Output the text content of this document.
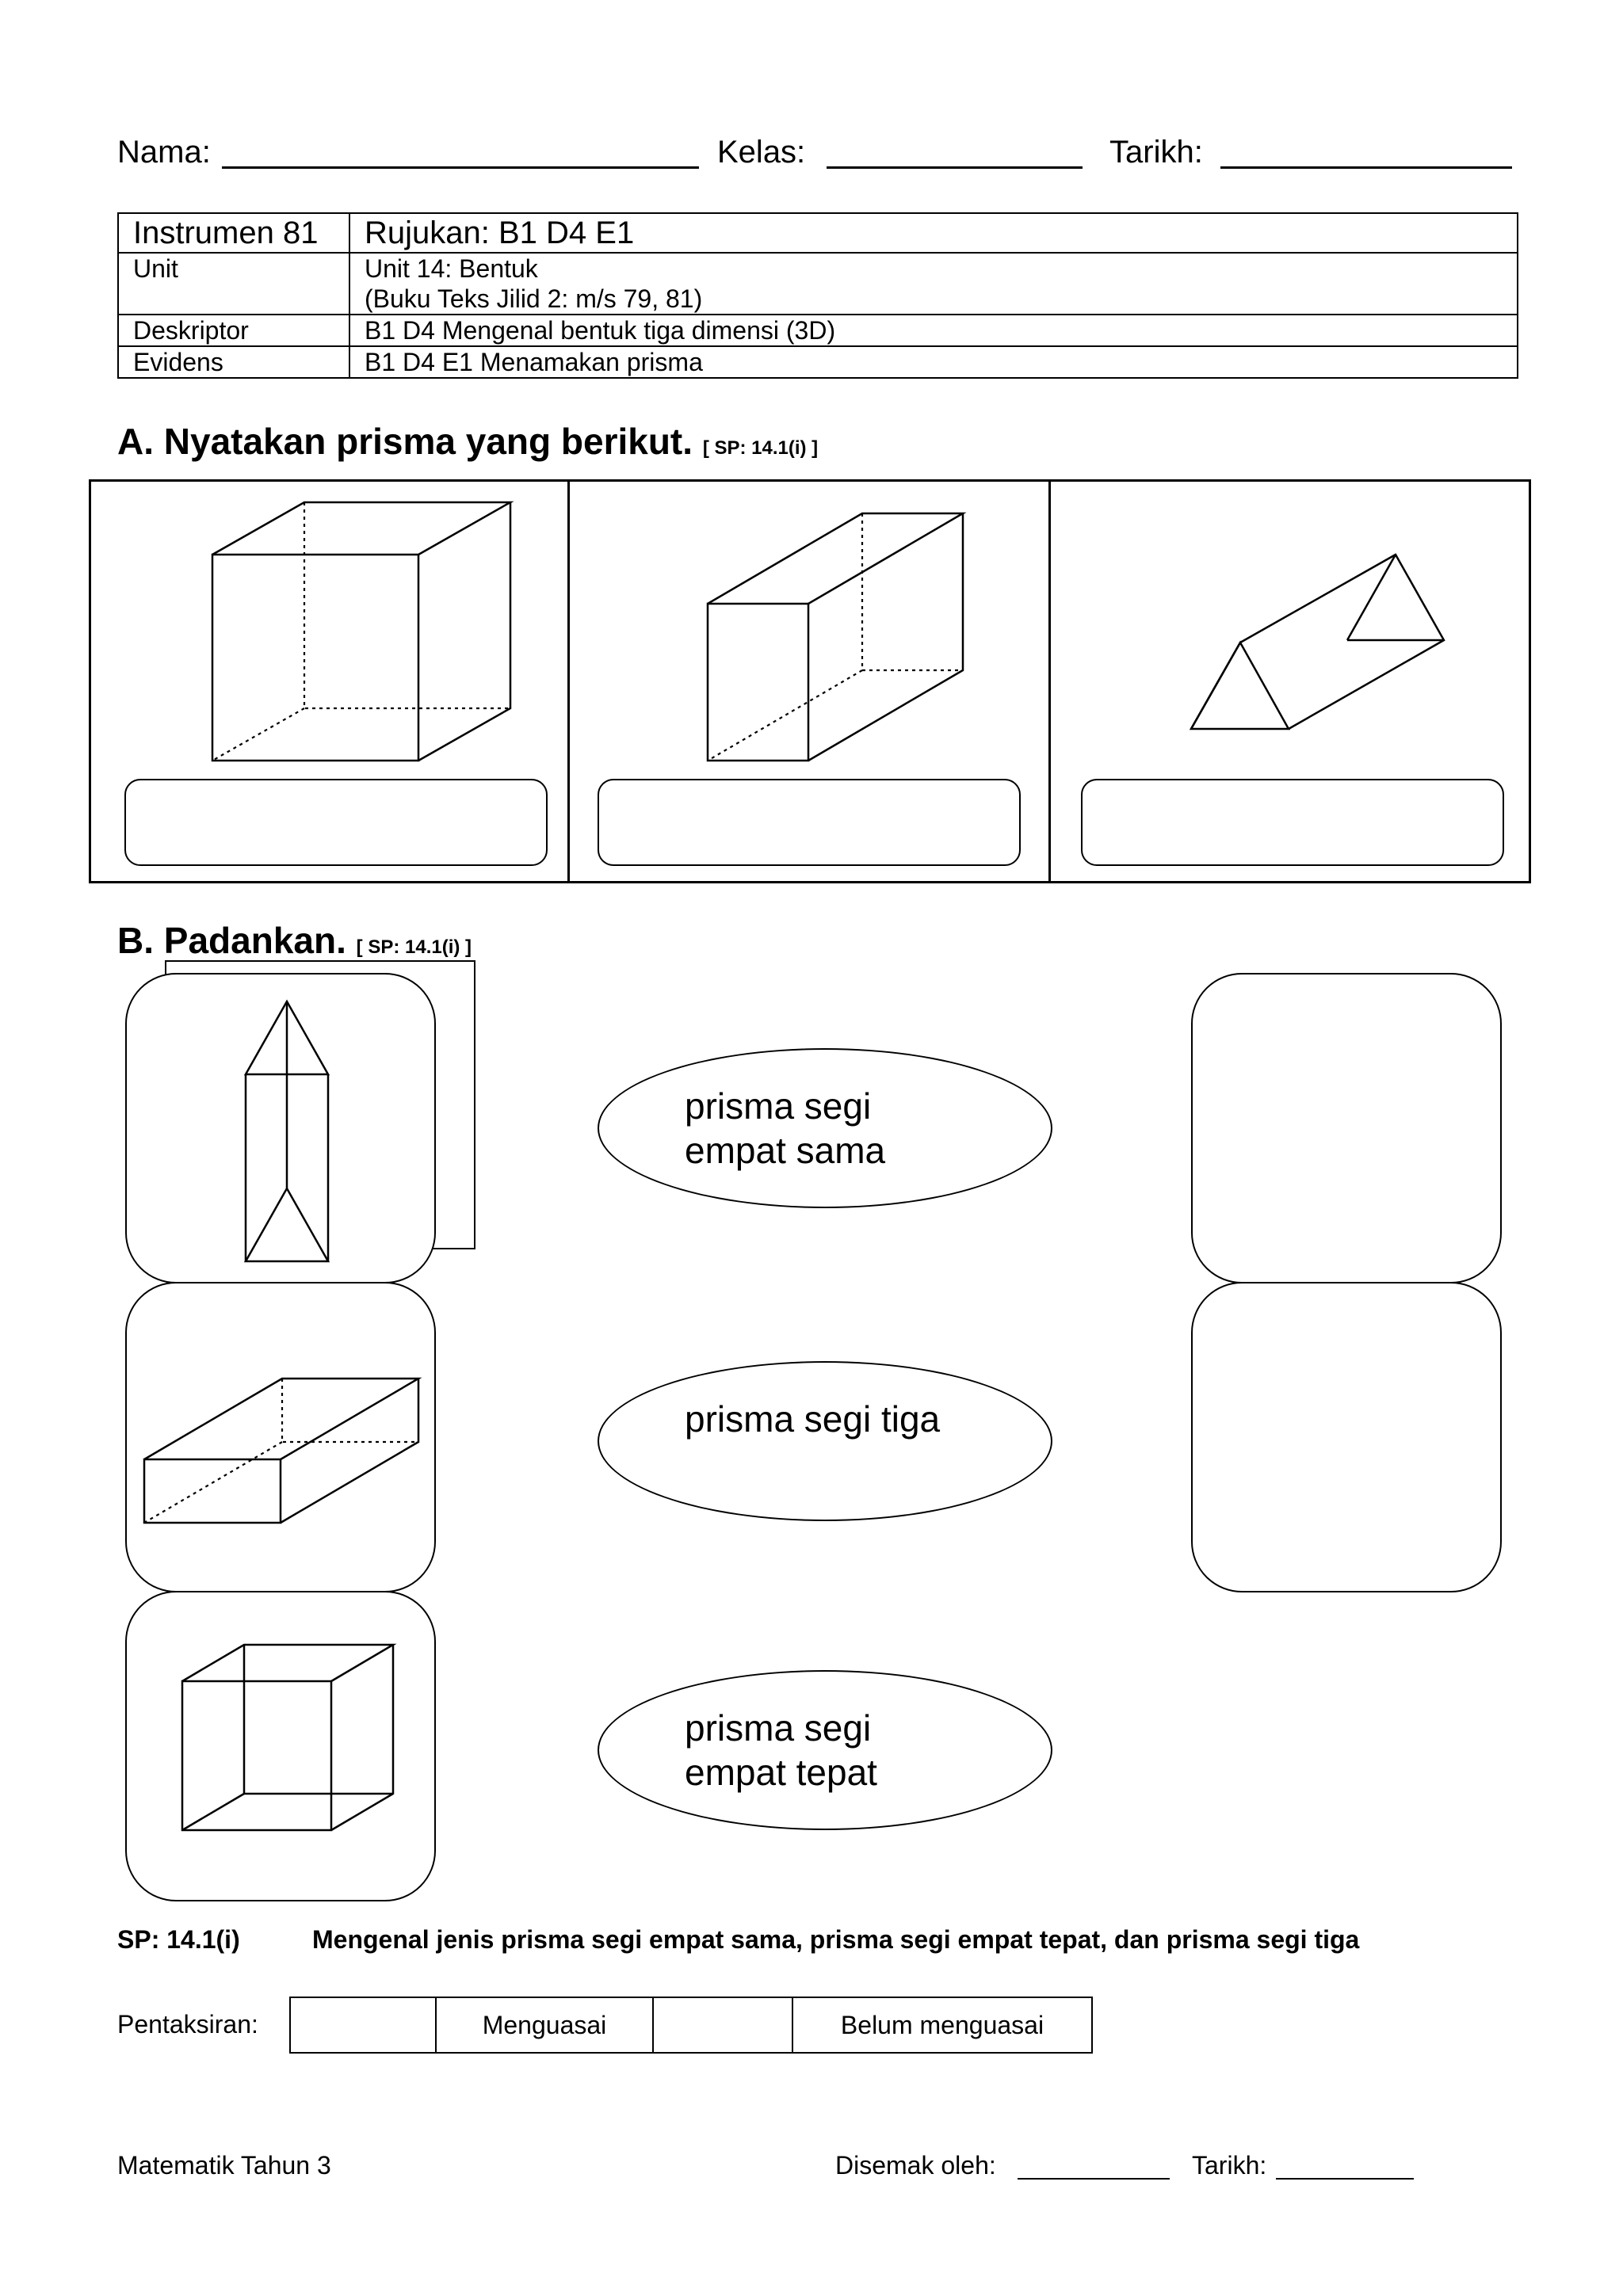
Nama:	Kelas:	Tarikh:
Instrumen 81	Rujukan: B1 D4 E1
Unit	Unit 14: Bentuk
(Buku Teks Jilid 2: m/s 79, 81)

Deskriptor	B1 D4 Mengenal bentuk tiga dimensi (3D)
Evidens	B1 D4 E1 Menamakan prisma
A. Nyatakan prisma yang berikut. [ SP: 14.1(i) ]
B. Padankan. [ SP: 14.1(i) ]
prisma segi
empat sama
prisma segi tiga
prisma segi
empat tepat
SP: 14.1(i)	Mengenal jenis prisma segi empat sama, prisma segi empat tepat, dan prisma segi tiga
Pentaksiran:
		Menguasai		Belum menguasai
Matematik Tahun 3	Disemak oleh:	Tarikh:
